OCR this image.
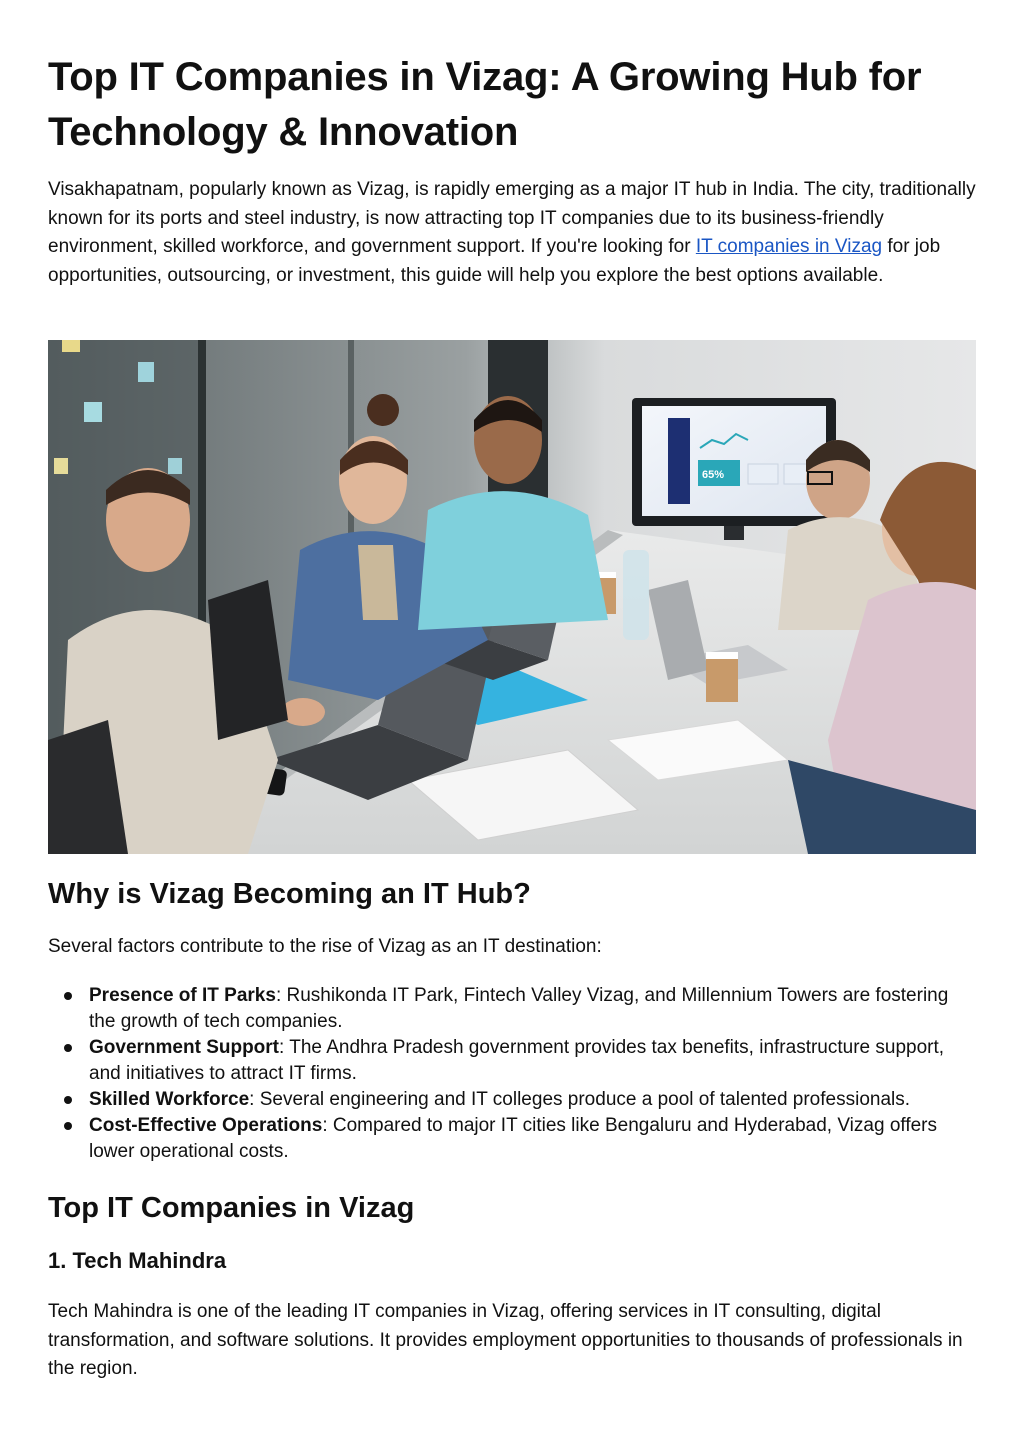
Top IT Companies in Vizag: A Growing Hub for Technology & Innovation

Visakhapatnam, popularly known as Vizag, is rapidly emerging as a major IT hub in India. The city, traditionally known for its ports and steel industry, is now attracting top IT companies due to its business-friendly environment, skilled workforce, and government support. If you're looking for IT companies in Vizag for job opportunities, outsourcing, or investment, this guide will help you explore the best options available.

65%
Why is Vizag Becoming an IT Hub?

Several factors contribute to the rise of Vizag as an IT destination:

Presence of IT Parks: Rushikonda IT Park, Fintech Valley Vizag, and Millennium Towers are fostering the growth of tech companies.
Government Support: The Andhra Pradesh government provides tax benefits, infrastructure support, and initiatives to attract IT firms.
Skilled Workforce: Several engineering and IT colleges produce a pool of talented professionals.
Cost-Effective Operations: Compared to major IT cities like Bengaluru and Hyderabad, Vizag offers lower operational costs.
Top IT Companies in Vizag
1. Tech Mahindra

Tech Mahindra is one of the leading IT companies in Vizag, offering services in IT consulting, digital transformation, and software solutions. It provides employment opportunities to thousands of professionals in the region.
